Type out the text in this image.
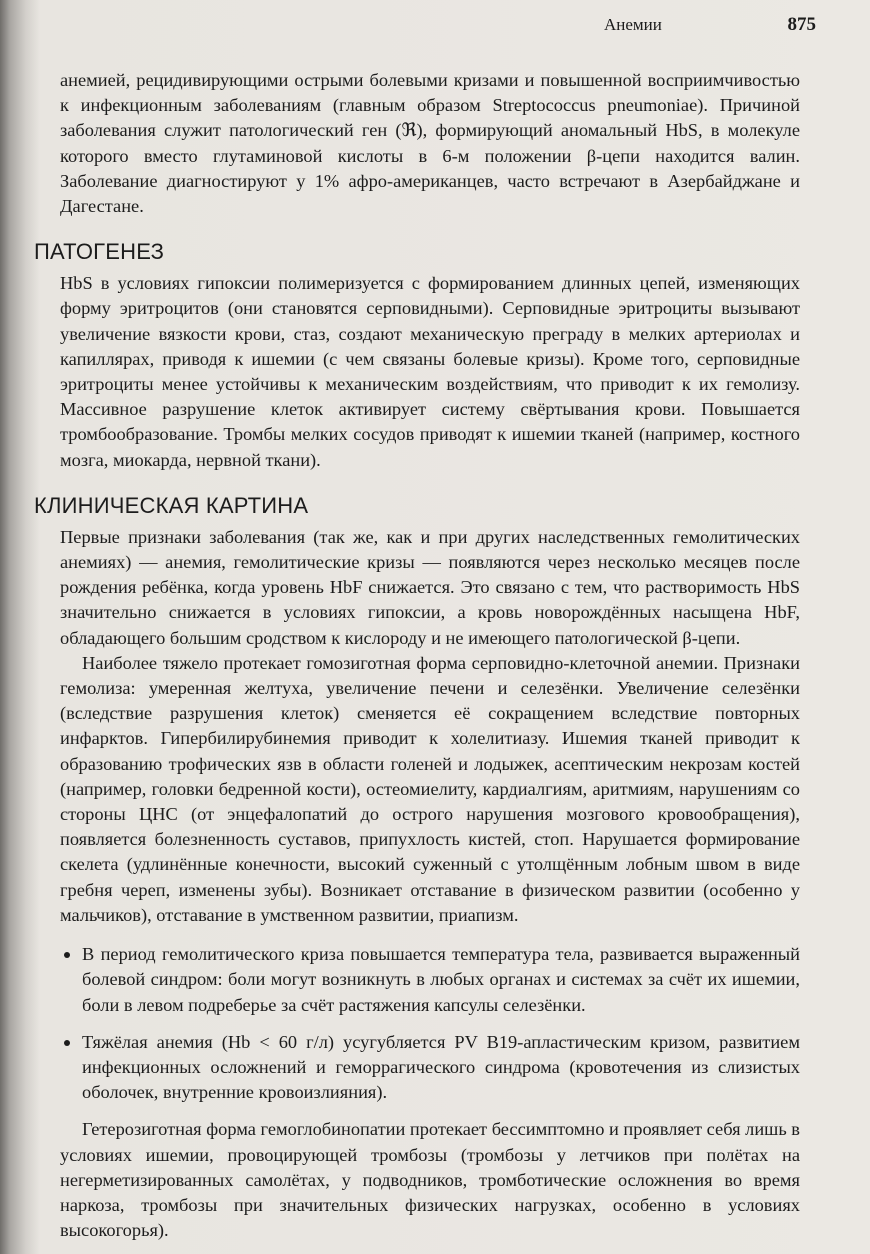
Анемии	875

анемией, рецидивирующими острыми болевыми кризами и повышенной восприимчивостью к инфекционным заболеваниям (главным образом Streptococcus pneumoniae). Причиной заболевания служит патологический ген (ℜ), формирующий аномальный HbS, в молекуле которого вместо глутаминовой кислоты в 6-м положении β-цепи находится валин. Заболевание диагностируют у 1% афро-американцев, часто встречают в Азербайджане и Дагестане.

ПАТОГЕНЕЗ

HbS в условиях гипоксии полимеризуется с формированием длинных цепей, изменяющих форму эритроцитов (они становятся серповидными). Серповидные эритроциты вызывают увеличение вязкости крови, стаз, создают механическую преграду в мелких артериолах и капиллярах, приводя к ишемии (с чем связаны болевые кризы). Кроме того, серповидные эритроциты менее устойчивы к механическим воздействиям, что приводит к их гемолизу. Массивное разрушение клеток активирует систему свёртывания крови. Повышается тромбообразование. Тромбы мелких сосудов приводят к ишемии тканей (например, костного мозга, миокарда, нервной ткани).

КЛИНИЧЕСКАЯ КАРТИНА

Первые признаки заболевания (так же, как и при других наследственных гемолитических анемиях) — анемия, гемолитические кризы — появляются через несколько месяцев после рождения ребёнка, когда уровень HbF снижается. Это связано с тем, что растворимость HbS значительно снижается в условиях гипоксии, а кровь новорождённых насыщена HbF, обладающего большим сродством к кислороду и не имеющего патологической β-цепи.

Наиболее тяжело протекает гомозиготная форма серповидно-клеточной анемии. Признаки гемолиза: умеренная желтуха, увеличение печени и селезёнки. Увеличение селезёнки (вследствие разрушения клеток) сменяется её сокращением вследствие повторных инфарктов. Гипербилирубинемия приводит к холелитиазу. Ишемия тканей приводит к образованию трофических язв в области голеней и лодыжек, асептическим некрозам костей (например, головки бедренной кости), остеомиелиту, кардиалгиям, аритмиям, нарушениям со стороны ЦНС (от энцефалопатий до острого нарушения мозгового кровообращения), появляется болезненность суставов, припухлость кистей, стоп. Нарушается формирование скелета (удлинённые конечности, высокий суженный с утолщённым лобным швом в виде гребня череп, изменены зубы). Возникает отставание в физическом развитии (особенно у мальчиков), отставание в умственном развитии, приапизм.

В период гемолитического криза повышается температура тела, развивается выраженный болевой синдром: боли могут возникнуть в любых органах и системах за счёт их ишемии, боли в левом подреберье за счёт растяжения капсулы селезёнки.
Тяжёлая анемия (Hb < 60 г/л) усугубляется PV B19-апластическим кризом, развитием инфекционных осложнений и геморрагического синдрома (кровотечения из слизистых оболочек, внутренние кровоизлияния).

Гетерозиготная форма гемоглобинопатии протекает бессимптомно и проявляет себя лишь в условиях ишемии, провоцирующей тромбозы (тромбозы у летчиков при полётах на негерметизированных самолётах, у подводников, тромботические осложнения во время наркоза, тромбозы при значительных физических нагрузках, особенно в условиях высокогорья).
